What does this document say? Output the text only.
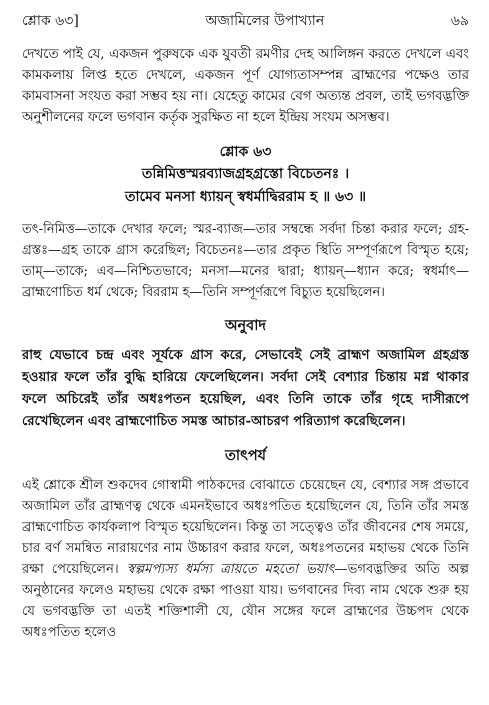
শ্লোক ৬৩]	অজামিলের উপাখ্যান	৬৯

দেখতে পাই যে, একজন পুরুষকে এক যুবতী রমণীর দেহ আলিঙ্গন করতে দেখলে এবং কামকলায় লিপ্ত হতে দেখলে, একজন পূর্ণ যোগ্যতাসম্পন্ন ব্রাহ্মণের পক্ষেও তার কামবাসনা সংযত করা সম্ভব হয় না। যেহেতু কামের বেগ অত্যন্ত প্রবল, তাই ভগবদ্ভক্তি অনুশীলনের ফলে ভগবান কর্তৃক সুরক্ষিত না হলে ইন্দ্রিয় সংযম অসম্ভব।

শ্লোক ৬৩
তন্নিমিত্তস্মরব্যাজগ্রহগ্রস্তো বিচেতনঃ ।
তামেব মনসা ধ্যায়ন্ স্বধর্মাদ্বিররাম হ ॥ ৬৩ ॥

তৎ-নিমিত্ত—তাকে দেখার ফলে; স্মর-ব্যাজ—তার সম্বন্ধে সর্বদা চিন্তা করার ফলে; গ্রহ-গ্রস্তঃ—গ্রহ তাকে গ্রাস করেছিল; বিচেতনঃ—তার প্রকৃত স্থিতি সম্পূর্ণরূপে বিস্মৃত হয়ে; তাম্—তাকে; এব—নিশ্চিতভাবে; মনসা—মনের দ্বারা; ধ্যায়ন্—ধ্যান করে; স্বধর্মাৎ—ব্রাহ্মণোচিত ধর্ম থেকে; বিররাম হ—তিনি সম্পূর্ণরূপে বিচ্যুত হয়েছিলেন।

অনুবাদ

রাহু যেভাবে চন্দ্র এবং সূর্যকে গ্রাস করে, সেভাবেই সেই ব্রাহ্মণ অজামিল গ্রহগ্রস্ত হওয়ার ফলে তাঁর বুদ্ধি হারিয়ে ফেলেছিলেন। সর্বদা সেই বেশ্যার চিন্তায় মগ্ন থাকার ফলে অচিরেই তাঁর অধঃপতন হয়েছিল, এবং তিনি তাকে তাঁর গৃহে দাসীরূপে রেখেছিলেন এবং ব্রাহ্মণোচিত সমস্ত আচার-আচরণ পরিত্যাগ করেছিলেন।

তাৎপর্য

এই শ্লোকে শ্রীল শুকদেব গোস্বামী পাঠকদের বোঝাতে চেয়েছেন যে, বেশ্যার সঙ্গ প্রভাবে অজামিল তাঁর ব্রাহ্মণত্ব থেকে এমনইভাবে অধঃপতিত হয়েছিলেন যে, তিনি তাঁর সমস্ত ব্রাহ্মণোচিত কার্যকলাপ বিস্মৃত হয়েছিলেন। কিন্তু তা সত্ত্বেও তাঁর জীবনের শেষ সময়ে, চার বর্ণ সমন্বিত নারায়ণের নাম উচ্চারণ করার ফলে, অধঃপতনের মহাভয় থেকে তিনি রক্ষা পেয়েছিলেন। স্বল্পমপ্যস্য ধর্মস্য ত্রায়তে মহতো ভয়াৎ—ভগবদ্ভক্তির অতি অল্প অনুষ্ঠানের ফলেও মহাভয় থেকে রক্ষা পাওয়া যায়। ভগবানের দিব্য নাম থেকে শুরু হয় যে ভগবদ্ভক্তি তা এতই শক্তিশালী যে, যৌন সঙ্গের ফলে ব্রাহ্মণের উচ্চপদ থেকে অধঃপতিত হলেও
